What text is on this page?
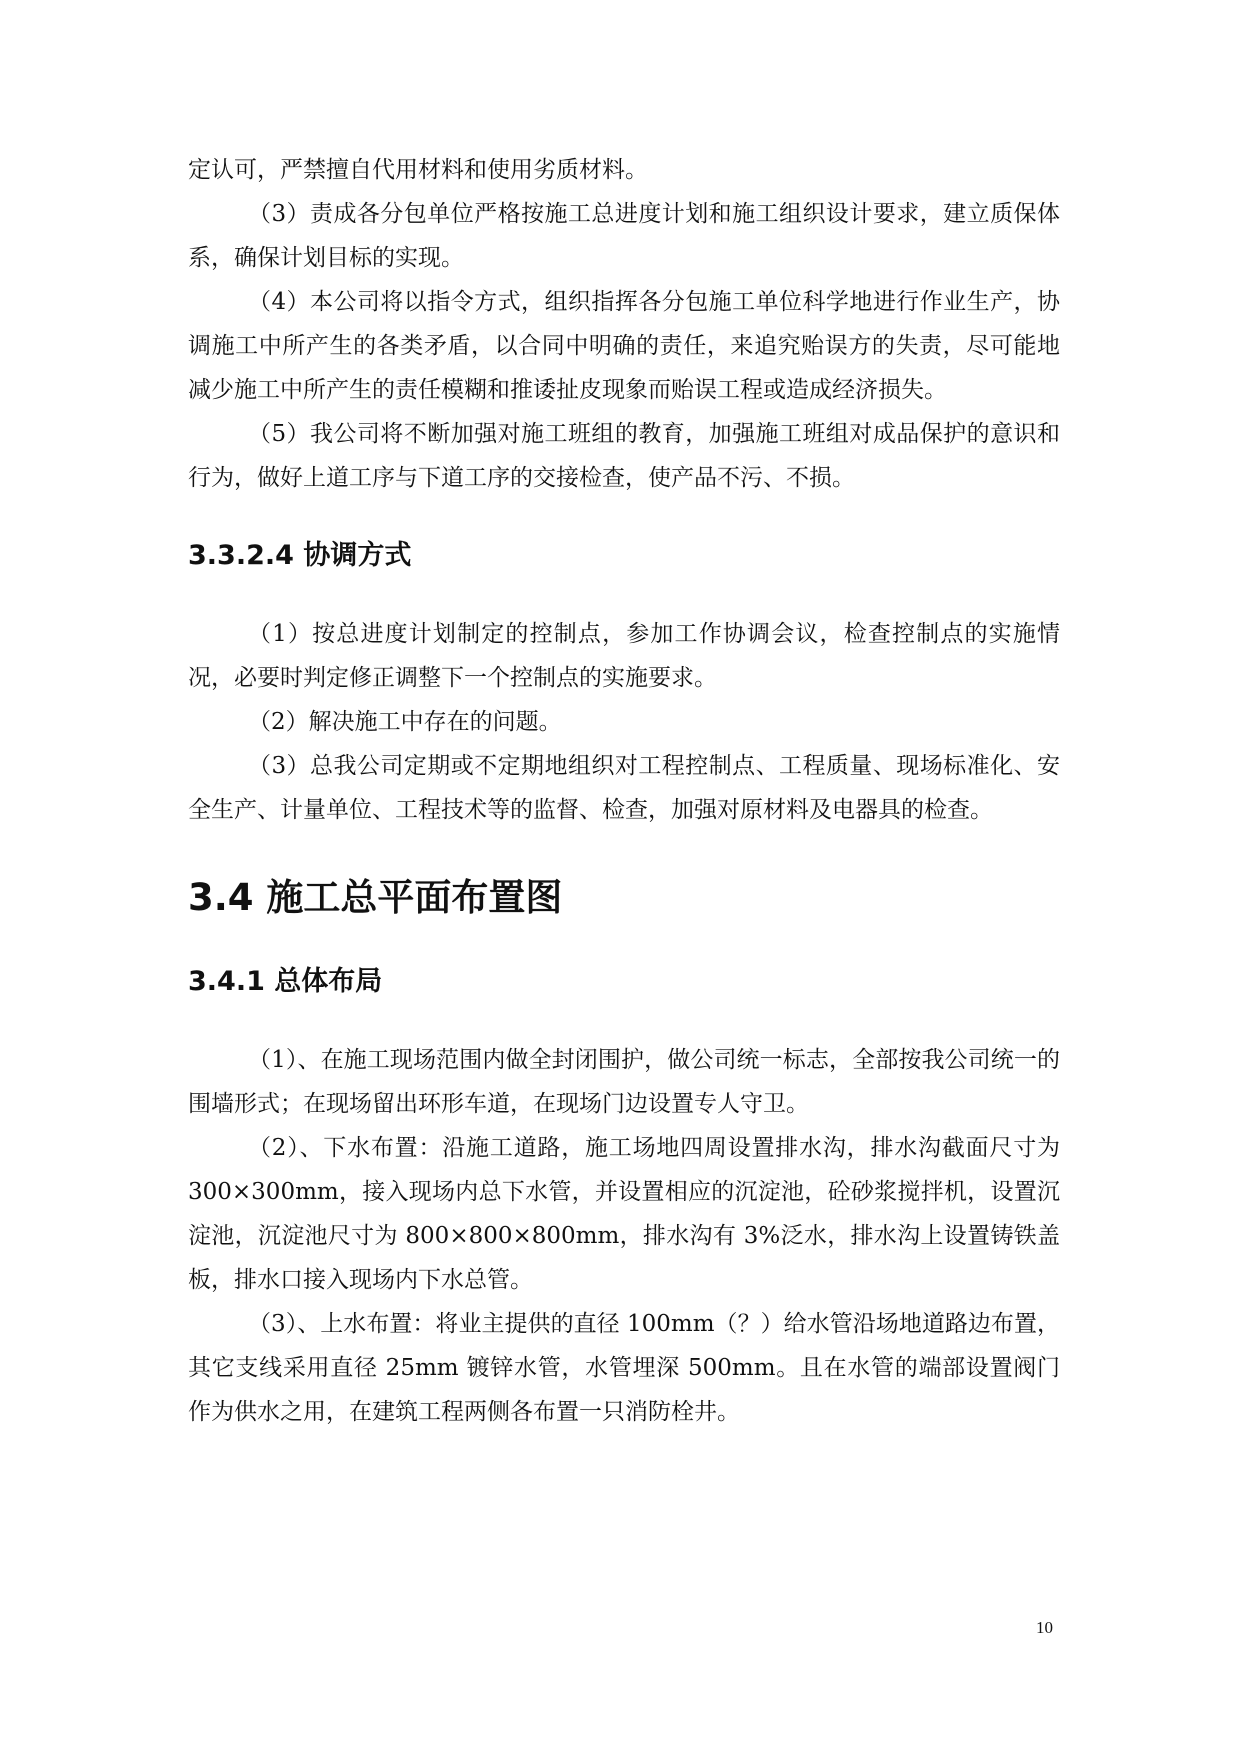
定认可，严禁擅自代用材料和使用劣质材料。

（3）责成各分包单位严格按施工总进度计划和施工组织设计要求，建立质保体系，确保计划目标的实现。

（4）本公司将以指令方式，组织指挥各分包施工单位科学地进行作业生产，协调施工中所产生的各类矛盾，以合同中明确的责任，来追究贻误方的失责，尽可能地减少施工中所产生的责任模糊和推诿扯皮现象而贻误工程或造成经济损失。

（5）我公司将不断加强对施工班组的教育，加强施工班组对成品保护的意识和行为，做好上道工序与下道工序的交接检查，使产品不污、不损。

3.3.2.4 协调方式

（1）按总进度计划制定的控制点，参加工作协调会议，检查控制点的实施情况，必要时判定修正调整下一个控制点的实施要求。

（2）解决施工中存在的问题。

（3）总我公司定期或不定期地组织对工程控制点、工程质量、现场标准化、安全生产、计量单位、工程技术等的监督、检查，加强对原材料及电器具的检查。

3.4 施工总平面布置图
3.4.1 总体布局

（1）、在施工现场范围内做全封闭围护，做公司统一标志，全部按我公司统一的围墙形式；在现场留出环形车道，在现场门边设置专人守卫。

（2）、下水布置：沿施工道路，施工场地四周设置排水沟，排水沟截面尺寸为 300×300mm，接入现场内总下水管，并设置相应的沉淀池，砼砂浆搅拌机，设置沉淀池，沉淀池尺寸为 800×800×800mm，排水沟有 3%泛水，排水沟上设置铸铁盖板，排水口接入现场内下水总管。

（3）、上水布置：将业主提供的直径 100mm（？）给水管沿场地道路边布置，其它支线采用直径 25mm 镀锌水管，水管埋深 500mm。且在水管的端部设置阀门作为供水之用，在建筑工程两侧各布置一只消防栓井。

10
